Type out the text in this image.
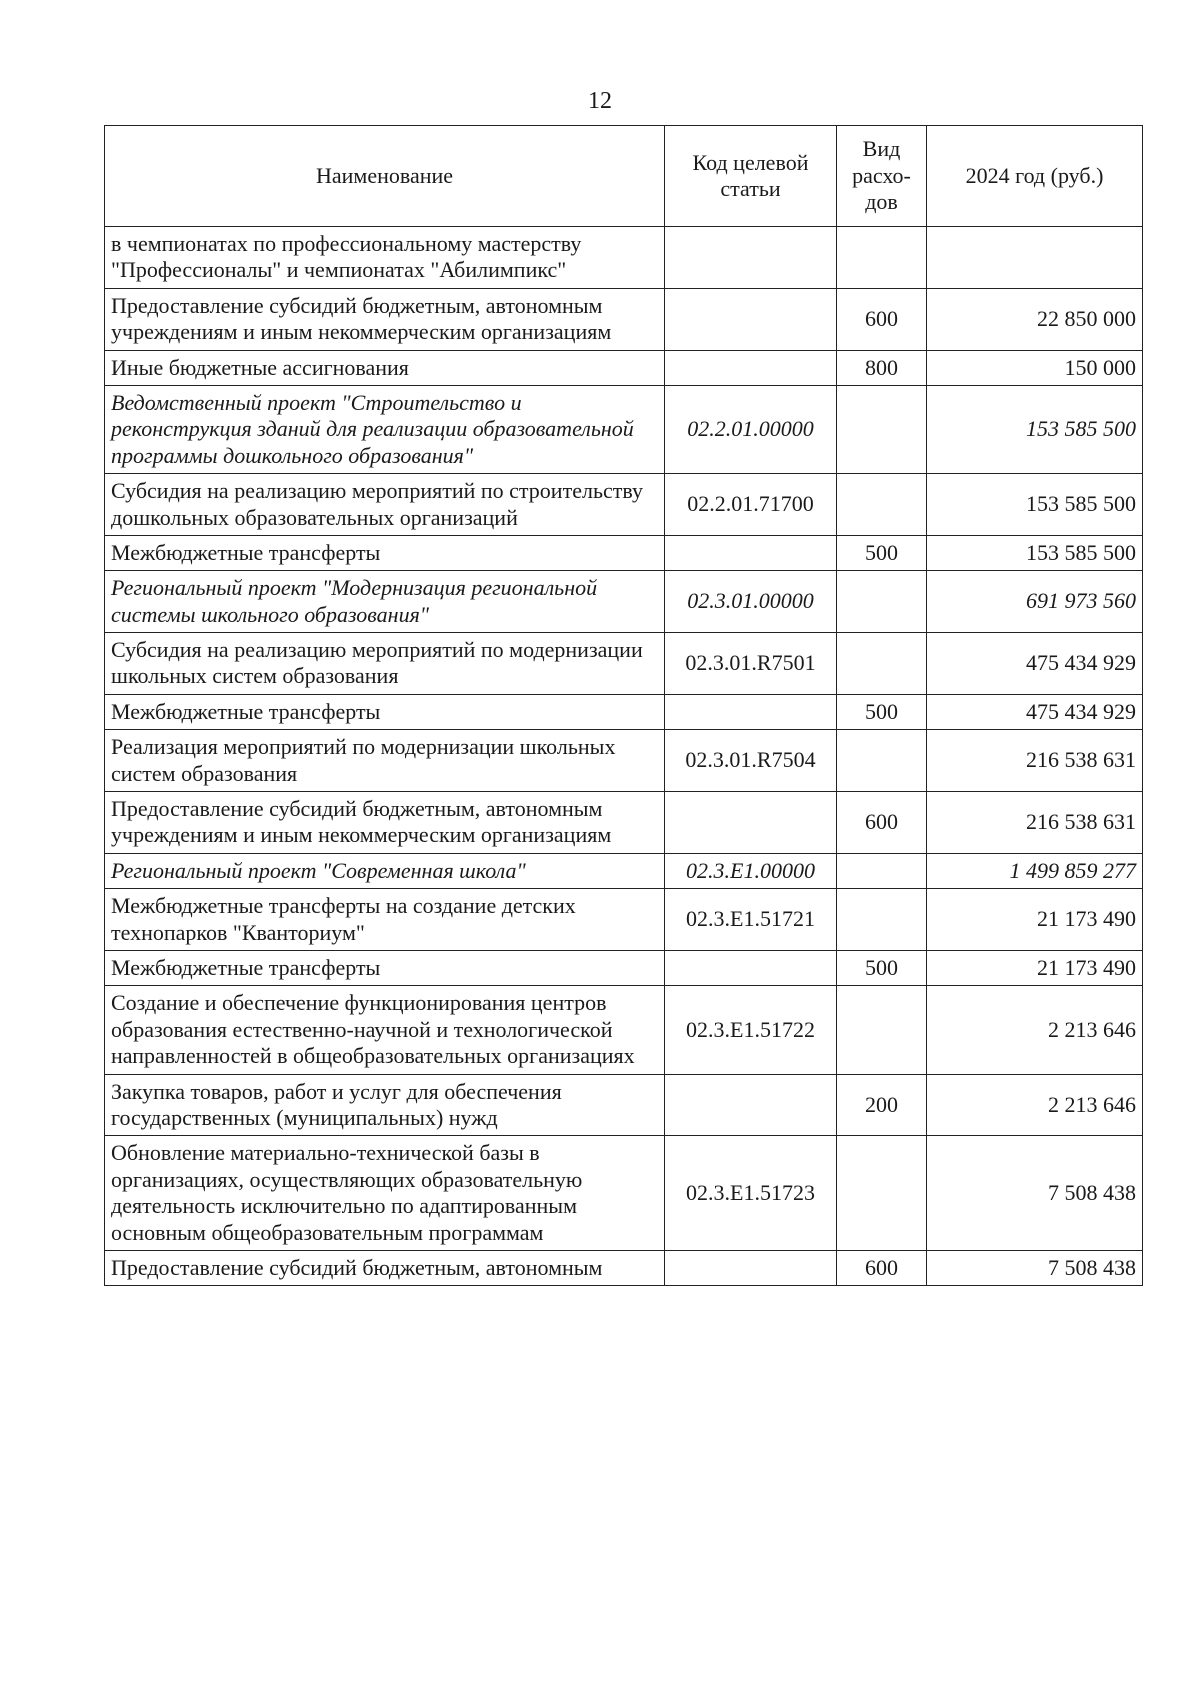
12
Наименование	Код целевой статьи	Вид расхо-дов	2024 год (руб.)
в чемпионатах по профессиональному мастерству "Профессионалы" и чемпионатах "Абилимпикс"			
Предоставление субсидий бюджетным, автономным учреждениям и иным некоммерческим организациям		600	22 850 000
Иные бюджетные ассигнования		800	150 000
Ведомственный проект "Строительство и реконструкция зданий для реализации образовательной программы дошкольного образования"	02.2.01.00000		153 585 500
Субсидия на реализацию мероприятий по строительству дошкольных образовательных организаций	02.2.01.71700		153 585 500
Межбюджетные трансферты		500	153 585 500
Региональный проект "Модернизация региональной системы школьного образования"	02.3.01.00000		691 973 560
Субсидия на реализацию мероприятий по модернизации школьных систем образования	02.3.01.R7501		475 434 929
Межбюджетные трансферты		500	475 434 929
Реализация мероприятий по модернизации школьных систем образования	02.3.01.R7504		216 538 631
Предоставление субсидий бюджетным, автономным учреждениям и иным некоммерческим организациям		600	216 538 631
Региональный проект "Современная школа"	02.3.E1.00000		1 499 859 277
Межбюджетные трансферты на создание детских технопарков "Кванториум"	02.3.E1.51721		21 173 490
Межбюджетные трансферты		500	21 173 490
Создание и обеспечение функционирования центров образования естественно-научной и технологической направленностей в общеобразовательных организациях	02.3.E1.51722		2 213 646
Закупка товаров, работ и услуг для обеспечения государственных (муниципальных) нужд		200	2 213 646
Обновление материально-технической базы в организациях, осуществляющих образовательную деятельность исключительно по адаптированным основным общеобразовательным программам	02.3.E1.51723		7 508 438
Предоставление субсидий бюджетным, автономным		600	7 508 438
